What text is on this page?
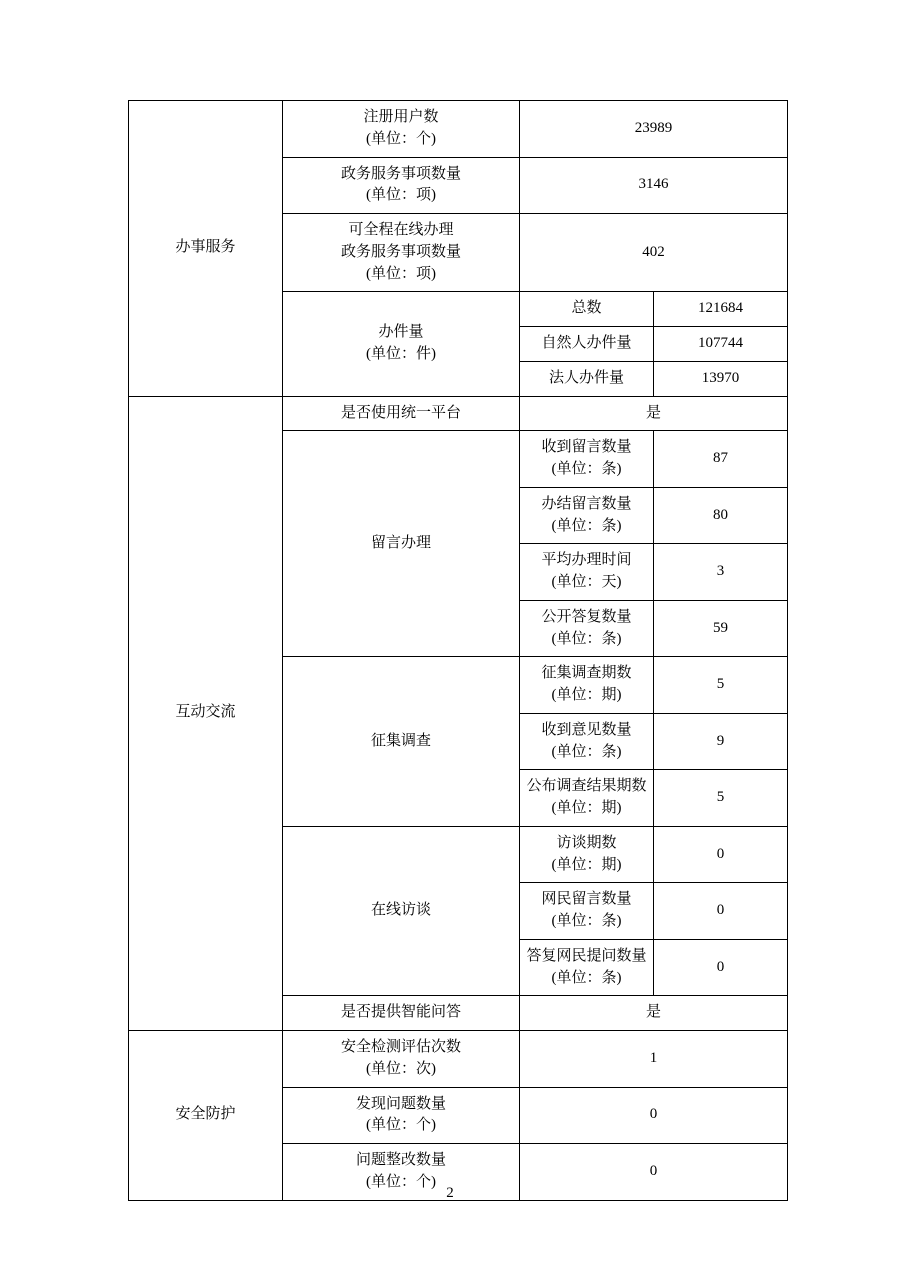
办事服务	注册用户数
(单位：个)	23989	

	政务服务事项数量
(单位：项)	3146	

	可全程在线办理
政务服务事项数量
(单位：项)	402	

	办件量
(单位：件)	总数	121684
		自然人办件量	107744
		法人办件量	13970
互动交流	是否使用统一平台	是	
	留言办理	收到留言数量
(单位：条)	87

		办结留言数量
(单位：条)	80

		平均办理时间
(单位：天)	3

		公开答复数量
(单位：条)	59
	征集调查	征集调查期数
(单位：期)	5

		收到意见数量
(单位：条)	9

		公布调查结果期数
(单位：期)	5
	在线访谈	访谈期数
(单位：期)	0

		网民留言数量
(单位：条)	0

		答复网民提问数量
(单位：条)	0
	是否提供智能问答	是	
安全防护	安全检测评估次数
(单位：次)	1	

	发现问题数量
(单位：个)	0	

	问题整改数量
(单位：个)	0	
2
